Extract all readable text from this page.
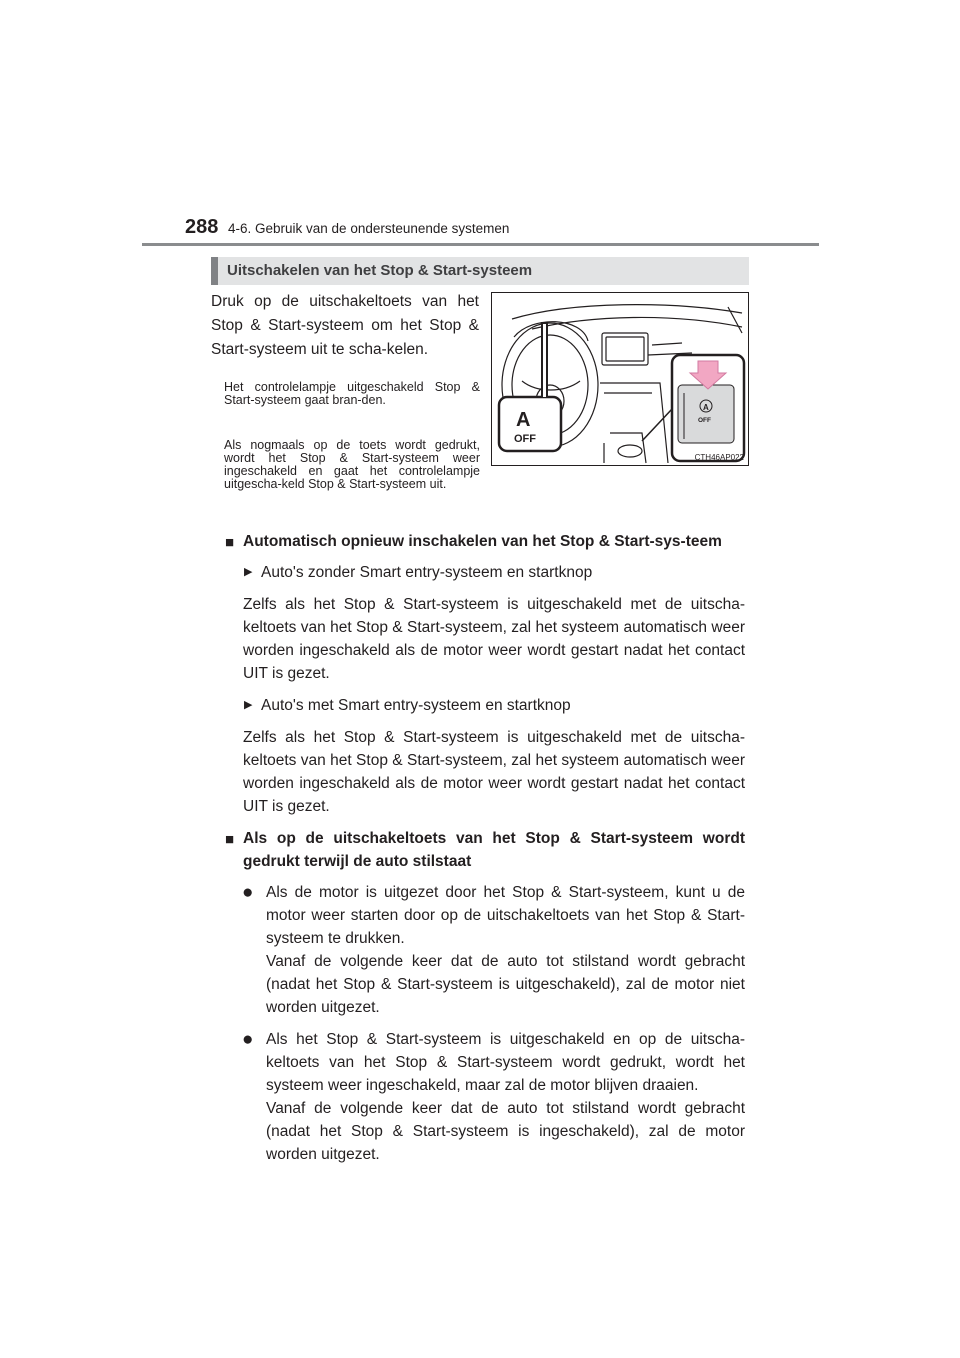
288 4-6. Gebruik van de ondersteunende systemen
Uitschakelen van het Stop & Start-systeem
Druk op de uitschakeltoets van het Stop & Start-systeem om het Stop & Start-systeem uit te scha-kelen.
Het controlelampje uitgeschakeld Stop & Start-systeem gaat bran-den.
Als nogmaals op de toets wordt gedrukt, wordt het Stop & Start-systeem weer ingeschakeld en gaat het controlelampje uitgescha-keld Stop & Start-systeem uit.
A
OFF
A
OFF
CTH46AP022
■ Automatisch opnieuw inschakelen van het Stop & Start-sys-teem
▶ Auto's zonder Smart entry-systeem en startknop
Zelfs als het Stop & Start-systeem is uitgeschakeld met de uitscha-keltoets van het Stop & Start-systeem, zal het systeem automatisch weer worden ingeschakeld als de motor weer wordt gestart nadat het contact UIT is gezet.
▶ Auto's met Smart entry-systeem en startknop
Zelfs als het Stop & Start-systeem is uitgeschakeld met de uitscha-keltoets van het Stop & Start-systeem, zal het systeem automatisch weer worden ingeschakeld als de motor weer wordt gestart nadat het contact UIT is gezet.
■ Als op de uitschakeltoets van het Stop & Start-systeem wordt gedrukt terwijl de auto stilstaat
● Als de motor is uitgezet door het Stop & Start-systeem, kunt u de motor weer starten door op de uitschakeltoets van het Stop & Start-systeem te drukken.

Vanaf de volgende keer dat de auto tot stilstand wordt gebracht (nadat het Stop & Start-systeem is uitgeschakeld), zal de motor niet worden uitgezet.

● Als het Stop & Start-systeem is uitgeschakeld en op de uitscha-keltoets van het Stop & Start-systeem wordt gedrukt, wordt het systeem weer ingeschakeld, maar zal de motor blijven draaien.

Vanaf de volgende keer dat de auto tot stilstand wordt gebracht (nadat het Stop & Start-systeem is ingeschakeld), zal de motor worden uitgezet.
